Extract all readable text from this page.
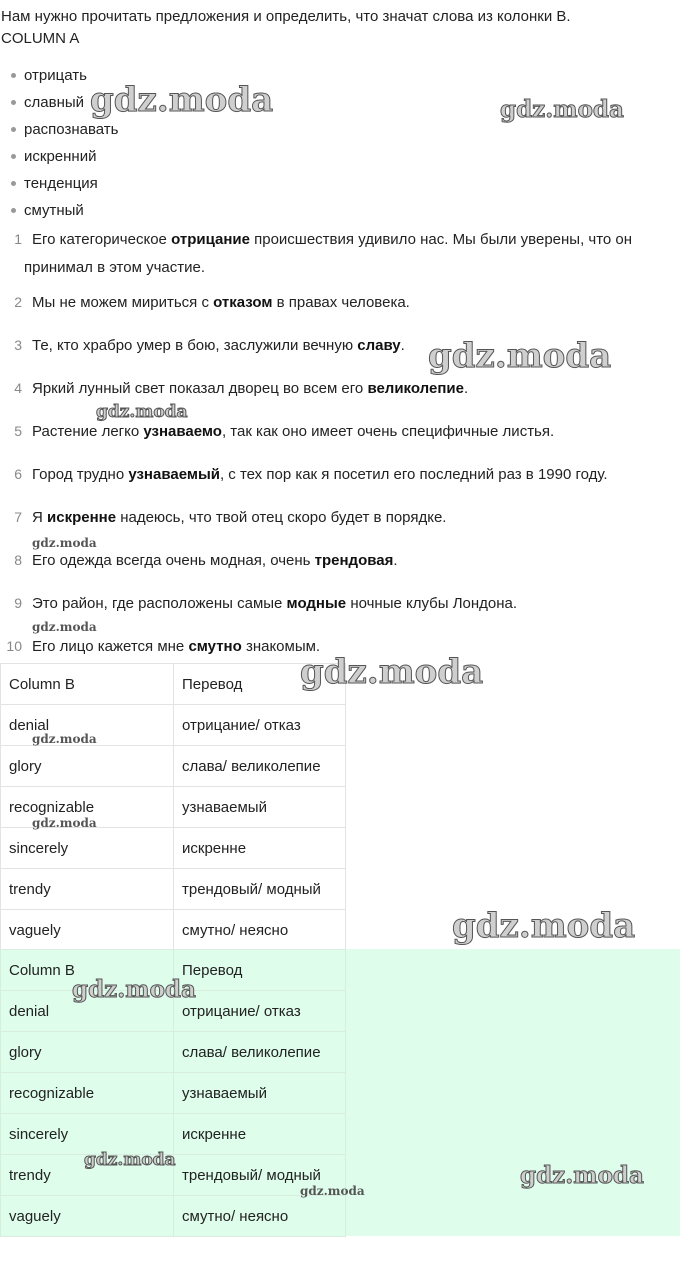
Нам нужно прочитать предложения и определить, что значат слова из колонки B.
COLUMN A
отрицать
славный
распознавать
искренний
тенденция
смутный
1 Его категорическое отрицание происшествия удивило нас. Мы были уверены, что он
принимал в этом участие.
2 Мы не можем мириться с отказом в правах человека.
3 Те, кто храбро умер в бою, заслужили вечную славу.
4 Яркий лунный свет показал дворец во всем его великолепие.
5 Растение легко узнаваемо, так как оно имеет очень специфичные листья.
6 Город трудно узнаваемый, с тех пор как я посетил его последний раз в 1990 году.
7 Я искренне надеюсь, что твой отец скоро будет в порядке.
8 Его одежда всегда очень модная, очень трендовая.
9 Это район, где расположены самые модные ночные клубы Лондона.
10 Его лицо кажется мне смутно знакомым.
Column B	Перевод
denial	отрицание/ отказ
glory	слава/ великолепие
recognizable	узнаваемый
sincerely	искренне
trendy	трендовый/ модный
vaguely	смутно/ неясно
Column B	Перевод
denial	отрицание/ отказ
glory	слава/ великолепие
recognizable	узнаваемый
sincerely	искренне
trendy	трендовый/ модный
vaguely	смутно/ неясно
gdz.moda	gdz.moda
gdz.moda
gdz.moda
gdz.moda
gdz.moda
gdz.moda
gdz.moda
gdz.moda
gdz.moda
gdz.moda
gdz.moda
gdz.moda
gdz.moda
